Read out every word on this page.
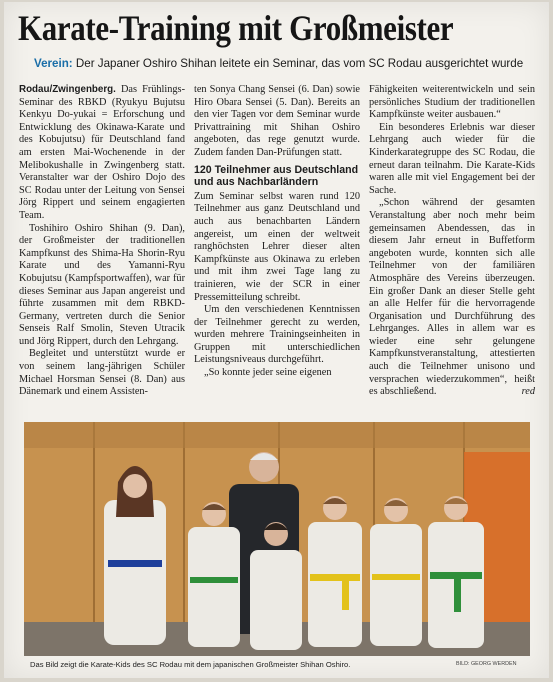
Karate-Training mit Großmeister
Verein: Der Japaner Oshiro Shihan leitete ein Seminar, das vom SC Rodau ausgerichtet wurde

Rodau/Zwingenberg. Das Frühlings-Seminar des RBKD (Ryukyu Bujutsu Kenkyu Do-yukai = Erforschung und Entwicklung des Okinawa-Karate und des Kobujutsu) für Deutschland fand am ersten Mai-Wochenende in der Melibokushalle in Zwingenberg statt. Veranstalter war der Oshiro Dojo des SC Rodau unter der Leitung von Sensei Jörg Rippert und seinem engagierten Team.

Toshihiro Oshiro Shihan (9. Dan), der Großmeister der traditionellen Kampfkunst des Shima-Ha Shorin-Ryu Karate und des Yamanni-Ryu Kobujutsu (Kampfsportwaffen), war für dieses Seminar aus Japan angereist und führte zusammen mit dem RBKD-Germany, vertreten durch die Senior Senseis Ralf Smolin, Steven Utracik und Jörg Rippert, durch den Lehrgang.

Begleitet und unterstützt wurde er von seinem lang-jährigen Schüler Michael Horsman Sensei (8. Dan) aus Dänemark und einem Assisten-

ten Sonya Chang Sensei (6. Dan) sowie Hiro Obara Sensei (5. Dan). Bereits an den vier Tagen vor dem Seminar wurde Privattraining mit Shihan Oshiro angeboten, das rege genutzt wurde. Zudem fanden Dan-Prüfungen statt.

120 Teilnehmer aus Deutschland und aus Nachbarländern

Zum Seminar selbst waren rund 120 Teilnehmer aus ganz Deutschland und auch aus benachbarten Ländern angereist, um einen der weltweit ranghöchsten Lehrer dieser alten Kampfkünste aus Okinawa zu erleben und mit ihm zwei Tage lang zu trainieren, wie der SCR in einer Pressemitteilung schreibt.

Um den verschiedenen Kenntnissen der Teilnehmer gerecht zu werden, wurden mehrere Trainingseinheiten in Gruppen mit unterschiedlichen Leistungsniveaus durchgeführt.

„So konnte jeder seine eigenen

Fähigkeiten weiterentwickeln und sein persönliches Studium der traditionellen Kampfkünste weiter ausbauen.“

Ein besonderes Erlebnis war dieser Lehrgang auch wieder für die Kinderkarategruppe des SC Rodau, die erneut daran teilnahm. Die Karate-Kids waren alle mit viel Engagement bei der Sache.

„Schon während der gesamten Veranstaltung aber noch mehr beim gemeinsamen Abendessen, das in diesem Jahr erneut in Buffetform angeboten wurde, konnten sich alle Teilnehmer von der familiären Atmosphäre des Vereins überzeugen. Ein großer Dank an dieser Stelle geht an alle Helfer für die hervorragende Organisation und Durchführung des Lehrganges. Alles in allem war es wieder eine sehr gelungene Kampfkunstveranstaltung, attestierten auch die Teilnehmer unisono und versprachen wiederzukommen“, heißt es abschließend.	red

Das Bild zeigt die Karate-Kids des SC Rodau mit dem japanischen Großmeister Shihan Oshiro.	BILD: GEORG WERDEN
